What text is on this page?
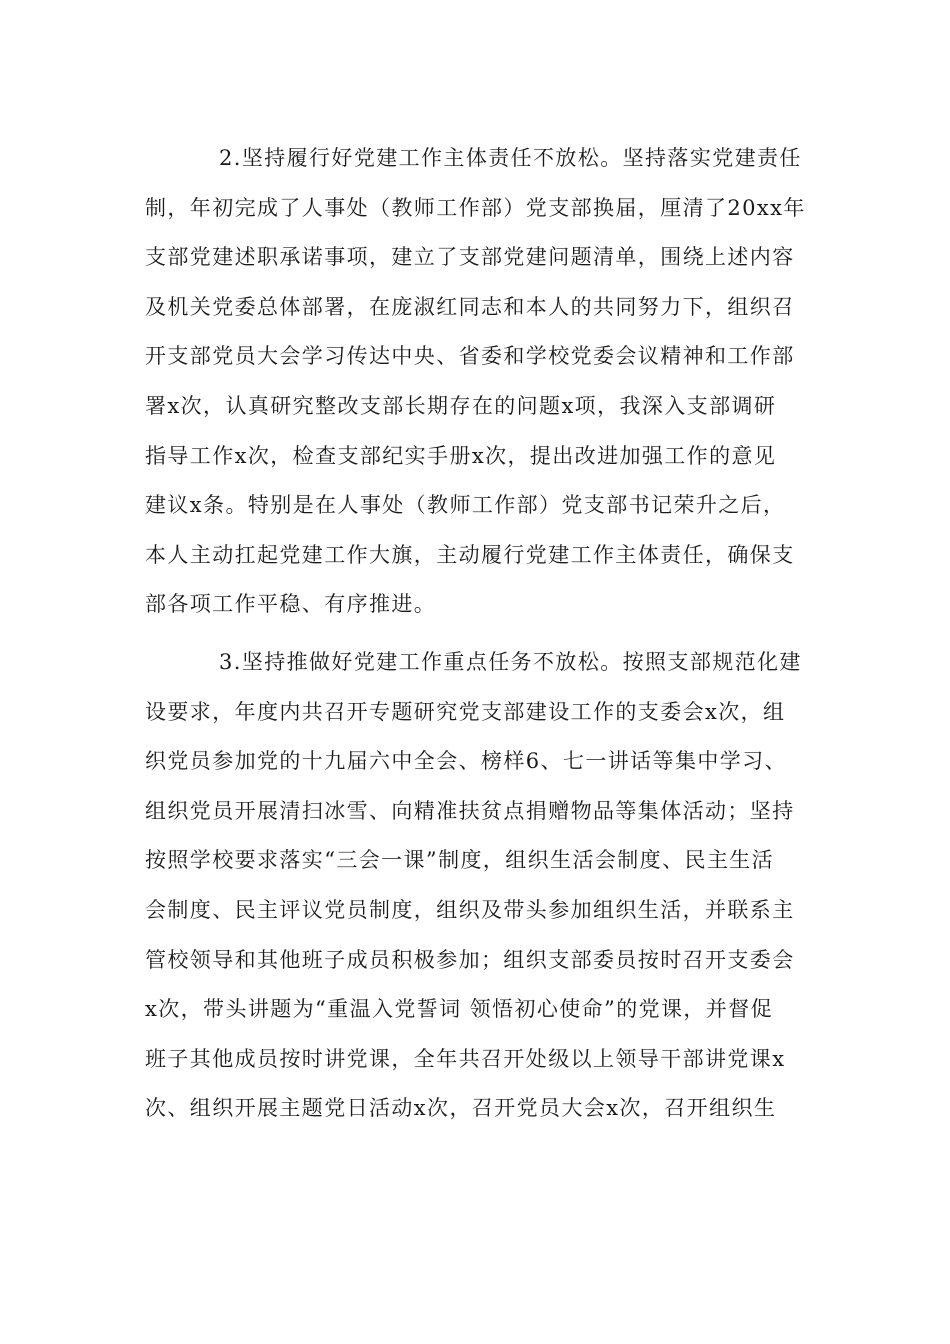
2.坚持履行好党建工作主体责任不放松。坚持落实党建责任
制，年初完成了人事处（教师工作部）党支部换届，厘清了20xx年
支部党建述职承诺事项，建立了支部党建问题清单，围绕上述内容
及机关党委总体部署，在庞淑红同志和本人的共同努力下，组织召
开支部党员大会学习传达中央、省委和学校党委会议精神和工作部
署x次，认真研究整改支部长期存在的问题x项，我深入支部调研
指导工作x次，检查支部纪实手册x次，提出改进加强工作的意见
建议x条。特别是在人事处（教师工作部）党支部书记荣升之后，
本人主动扛起党建工作大旗，主动履行党建工作主体责任，确保支
部各项工作平稳、有序推进。
3.坚持推做好党建工作重点任务不放松。按照支部规范化建
设要求，年度内共召开专题研究党支部建设工作的支委会x次，组
织党员参加党的十九届六中全会、榜样6、七一讲话等集中学习、
组织党员开展清扫冰雪、向精准扶贫点捐赠物品等集体活动；坚持
按照学校要求落实“三会一课”制度，组织生活会制度、民主生活
会制度、民主评议党员制度，组织及带头参加组织生活，并联系主
管校领导和其他班子成员积极参加；组织支部委员按时召开支委会
x次，带头讲题为“重温入党誓词 领悟初心使命”的党课，并督促
班子其他成员按时讲党课，全年共召开处级以上领导干部讲党课x
次、组织开展主题党日活动x次，召开党员大会x次，召开组织生
